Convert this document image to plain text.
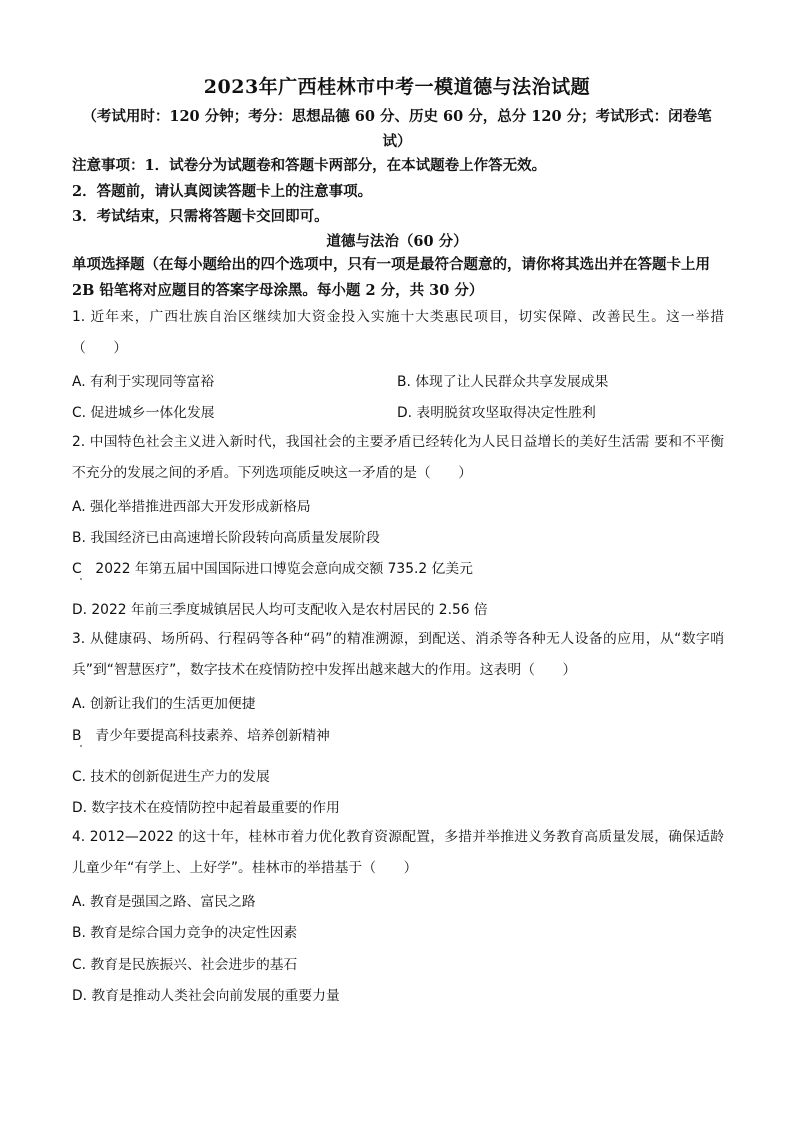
2023年广西桂林市中考一模道德与法治试题
（考试用时：120 分钟；考分：思想品德 60 分、历史 60 分，总分 120 分；考试形式：闭卷笔试）
注意事项：1．试卷分为试题卷和答题卡两部分，在本试题卷上作答无效。
2．答题前，请认真阅读答题卡上的注意事项。
3．考试结束，只需将答题卡交回即可。
道德与法治（60 分）
单项选择题（在每小题给出的四个选项中，只有一项是最符合题意的，请你将其选出并在答题卡上用 2B 铅笔将对应题目的答案字母涂黑。每小题 2 分，共 30 分）
1. 近年来，广西壮族自治区继续加大资金投入实施十大类惠民项目，切实保障、改善民生。这一举措（　　）
A. 有利于实现同等富裕	B. 体现了让人民群众共享发展成果
C. 促进城乡一体化发展	D. 表明脱贫攻坚取得决定性胜利
2. 中国特色社会主义进入新时代，我国社会的主要矛盾已经转化为人民日益增长的美好生活需 要和不平衡不充分的发展之间的矛盾。下列选项能反映这一矛盾的是（　　）
A. 强化举措推进西部大开发形成新格局
B. 我国经济已由高速增长阶段转向高质量发展阶段
C　2022 年第五届中国国际进口博览会意向成交额 735.2 亿美元
D. 2022 年前三季度城镇居民人均可支配收入是农村居民的 2.56 倍
3. 从健康码、场所码、行程码等各种“码”的精准溯源，到配送、消杀等各种无人设备的应用，从“数字哨兵”到“智慧医疗”，数字技术在疫情防控中发挥出越来越大的作用。这表明（　　）
A. 创新让我们的生活更加便捷
B　青少年要提高科技素养、培养创新精神
C. 技术的创新促进生产力的发展
D. 数字技术在疫情防控中起着最重要的作用
4. 2012—2022 的这十年，桂林市着力优化教育资源配置，多措并举推进义务教育高质量发展，确保适龄儿童少年“有学上、上好学”。桂林市的举措基于（　　）
A. 教育是强国之路、富民之路
B. 教育是综合国力竞争的决定性因素
C. 教育是民族振兴、社会进步的基石
D. 教育是推动人类社会向前发展的重要力量
